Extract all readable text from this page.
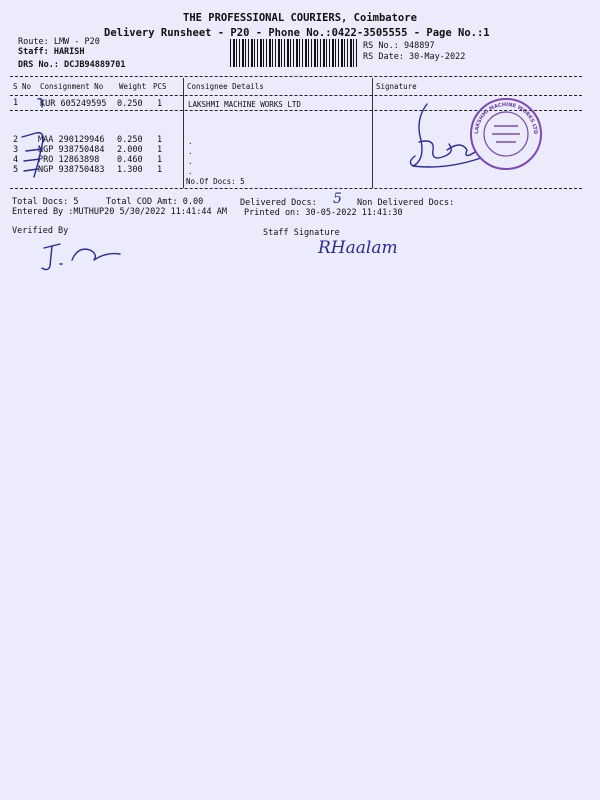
THE PROFESSIONAL COURIERS, Coimbatore
Delivery Runsheet - P20 - Phone No.:0422-3505555 - Page No.:1
Route: LMW - P20
Staff: HARISH
DRS No.: DCJB94889701
RS No.: 948897
RS Date: 30-May-2022
S No Consignment No Weight PCS	Consignee Details	Signature
1	KUR 605249595 0.250 1	LAKSHMI MACHINE WORKS LTD
2 MAA 290129946 0.250 1	.
3 NGP 938750484 2.000 1	.
4 PRO 12863898 0.460 1	.
5 NGP 938750483 1.300 1	.
No.Of Docs: 5
LAKSHMI MACHINE WORKS LTD
Total Docs: 5	Total COD Amt: 0.00	Delivered Docs: 5 Non Delivered Docs:
Entered By :MUTHUP20 5/30/2022 11:41:44 AM Printed on: 30-05-2022 11:41:30
Verified By	Staff Signature
RHaalam
